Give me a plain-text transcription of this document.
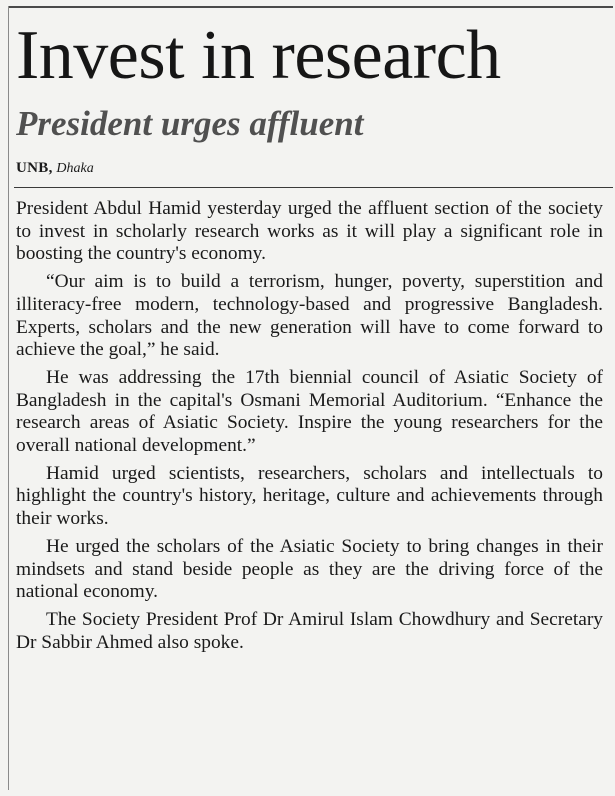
Invest in research
President urges affluent
UNB, Dhaka

President Abdul Hamid yesterday urged the affluent section of the society to invest in scholarly research works as it will play a significant role in boosting the country's economy.

“Our aim is to build a terrorism, hunger, poverty, superstition and illiteracy-free modern, technology-based and progressive Bangladesh. Experts, scholars and the new generation will have to come forward to achieve the goal,” he said.

He was addressing the 17th biennial council of Asiatic Society of Bangladesh in the capital's Osmani Memorial Auditorium. “Enhance the research areas of Asiatic Society. Inspire the young researchers for the overall national development.”

Hamid urged scientists, researchers, scholars and intellectuals to highlight the country's history, heritage, culture and achievements through their works.

He urged the scholars of the Asiatic Society to bring changes in their mindsets and stand beside people as they are the driving force of the national economy.

The Society President Prof Dr Amirul Islam Chowdhury and Secretary Dr Sabbir Ahmed also spoke.
